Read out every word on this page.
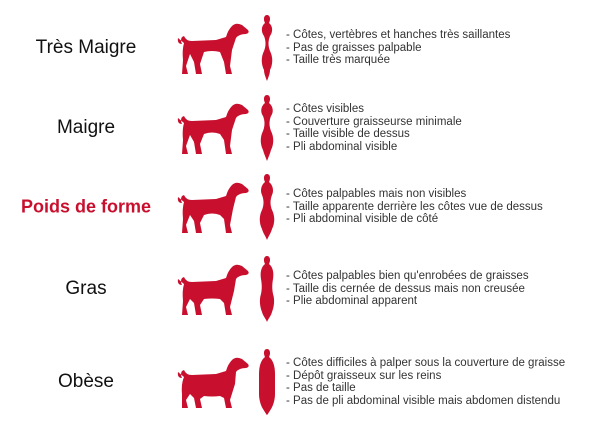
Très Maigre
- Côtes, vertèbres et hanches très saillantes
- Pas de graisses palpable
- Taille très marquée
Maigre
- Côtes visibles
- Couverture graisseurse minimale
- Taille visible de dessus
- Pli abdominal visible
Poids de forme
- Côtes palpables mais non visibles
- Taille apparente derrière les côtes vue de dessus
- Pli abdominal visible de côté
Gras
- Côtes palpables bien qu'enrobées de graisses
- Taille dis cernée de dessus mais non creusée
- Plie abdominal apparent
Obèse
- Côtes difficiles à palper sous la couverture de graisse
- Dépôt graisseux sur les reins
- Pas de taille
- Pas de pli abdominal visible mais abdomen distendu
